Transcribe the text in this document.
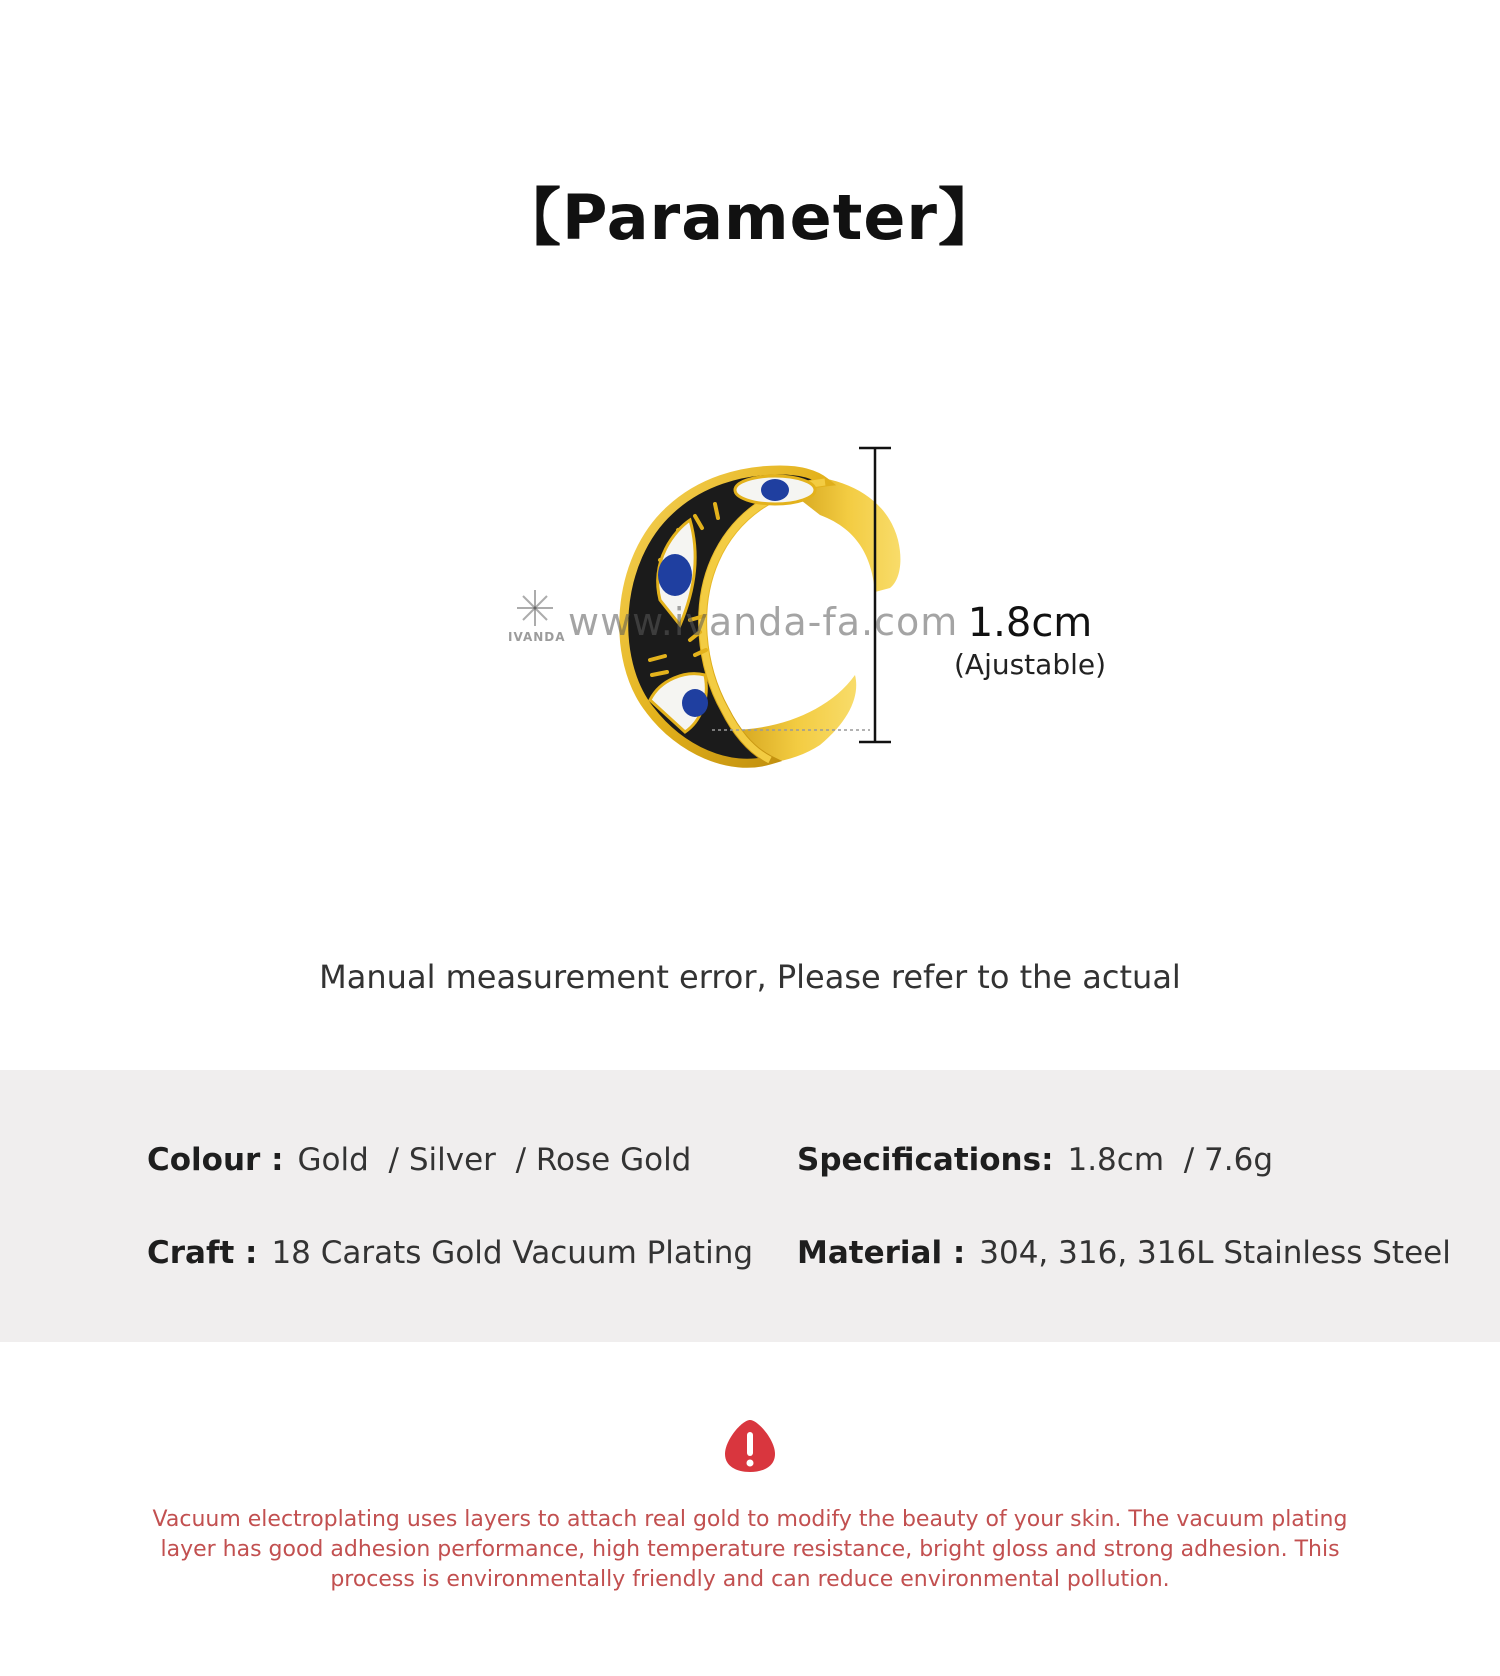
【Parameter】
www.ivanda-fa.com
IVANDA	1.8cm
(Ajustable)
Manual measurement error, Please refer to the actual
Colour : Gold  / Silver  / Rose Gold	Specifications: 1.8cm  / 7.6g
Craft : 18 Carats Gold Vacuum Plating Material : 304, 316, 316L Stainless Steel
Vacuum electroplating uses layers to attach real gold to modify the beauty of your skin. The vacuum plating layer has good adhesion performance, high temperature resistance, bright gloss and strong adhesion. This process is environmentally friendly and can reduce environmental pollution.
